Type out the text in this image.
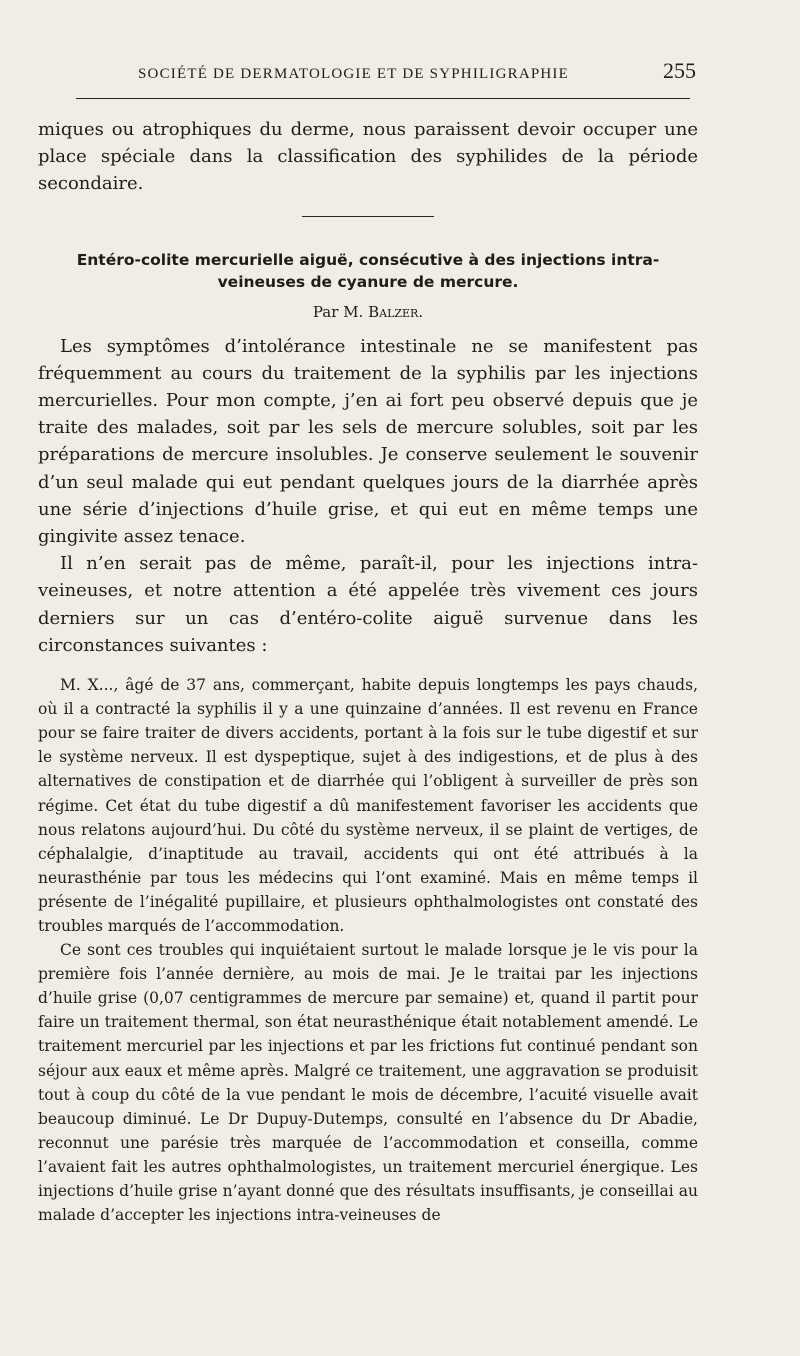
SOCIÉTÉ DE DERMATOLOGIE ET DE SYPHILIGRAPHIE	255

miques ou atrophiques du derme, nous paraissent devoir occuper une place spéciale dans la classification des syphilides de la période secondaire.

Entéro-colite mercurielle aiguë, consécutive à des injections intra-veineuses de cyanure de mercure.
Par M. Balzer.

Les symptômes d’intolérance intestinale ne se manifestent pas fréquemment au cours du traitement de la syphilis par les injections mercurielles. Pour mon compte, j’en ai fort peu observé depuis que je traite des malades, soit par les sels de mercure solubles, soit par les préparations de mercure insolubles. Je conserve seulement le souvenir d’un seul malade qui eut pendant quelques jours de la diarrhée après une série d’injections d’huile grise, et qui eut en même temps une gingivite assez tenace.

Il n’en serait pas de même, paraît-il, pour les injections intra-veineuses, et notre attention a été appelée très vivement ces jours derniers sur un cas d’entéro-colite aiguë survenue dans les circonstances suivantes :

M. X..., âgé de 37 ans, commerçant, habite depuis longtemps les pays chauds, où il a contracté la syphilis il y a une quinzaine d’années. Il est revenu en France pour se faire traiter de divers accidents, portant à la fois sur le tube digestif et sur le système nerveux. Il est dyspeptique, sujet à des indigestions, et de plus à des alternatives de constipation et de diarrhée qui l’obligent à surveiller de près son régime. Cet état du tube digestif a dû manifestement favoriser les accidents que nous relatons aujourd’hui. Du côté du système nerveux, il se plaint de vertiges, de céphalalgie, d’inaptitude au travail, accidents qui ont été attribués à la neurasthénie par tous les médecins qui l’ont examiné. Mais en même temps il présente de l’inégalité pupillaire, et plusieurs ophthalmologistes ont constaté des troubles marqués de l’accommodation.

Ce sont ces troubles qui inquiétaient surtout le malade lorsque je le vis pour la première fois l’année dernière, au mois de mai. Je le traitai par les injections d’huile grise (0,07 centigrammes de mercure par semaine) et, quand il partit pour faire un traitement thermal, son état neurasthénique était notablement amendé. Le traitement mercuriel par les injections et par les frictions fut continué pendant son séjour aux eaux et même après. Malgré ce traitement, une aggravation se produisit tout à coup du côté de la vue pendant le mois de décembre, l’acuité visuelle avait beaucoup diminué. Le Dr Dupuy-Dutemps, consulté en l’absence du Dr Abadie, reconnut une parésie très marquée de l’accommodation et conseilla, comme l’avaient fait les autres ophthalmologistes, un traitement mercuriel énergique. Les injections d’huile grise n’ayant donné que des résultats insuffisants, je conseillai au malade d’accepter les injections intra-veineuses de
